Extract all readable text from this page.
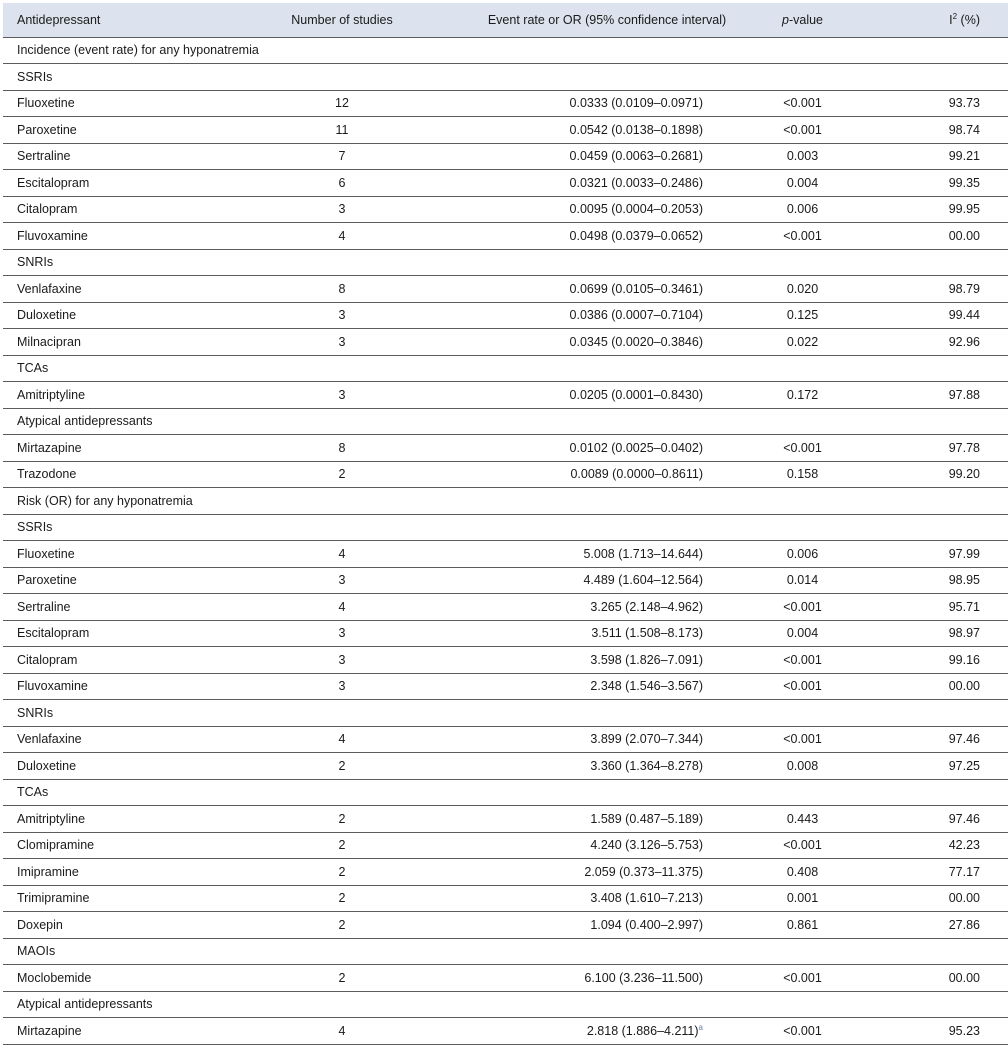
Antidepressant	Number of studies	Event rate or OR (95% confidence interval)	p-value	$I^2$ (%)
Incidence (event rate) for any hyponatremia				
SSRIs				
Fluoxetine	12	0.0333 (0.0109–0.0971)	<0.001	93.73
Paroxetine	11	0.0542 (0.0138–0.1898)	<0.001	98.74
Sertraline	7	0.0459 (0.0063–0.2681)	0.003	99.21
Escitalopram	6	0.0321 (0.0033–0.2486)	0.004	99.35
Citalopram	3	0.0095 (0.0004–0.2053)	0.006	99.95
Fluvoxamine	4	0.0498 (0.0379–0.0652)	<0.001	00.00
SNRIs				
Venlafaxine	8	0.0699 (0.0105–0.3461)	0.020	98.79
Duloxetine	3	0.0386 (0.0007–0.7104)	0.125	99.44
Milnacipran	3	0.0345 (0.0020–0.3846)	0.022	92.96
TCAs				
Amitriptyline	3	0.0205 (0.0001–0.8430)	0.172	97.88
Atypical antidepressants				
Mirtazapine	8	0.0102 (0.0025–0.0402)	<0.001	97.78
Trazodone	2	0.0089 (0.0000–0.8611)	0.158	99.20
Risk (OR) for any hyponatremia				
SSRIs				
Fluoxetine	4	5.008 (1.713–14.644)	0.006	97.99
Paroxetine	3	4.489 (1.604–12.564)	0.014	98.95
Sertraline	4	3.265 (2.148–4.962)	<0.001	95.71
Escitalopram	3	3.511 (1.508–8.173)	0.004	98.97
Citalopram	3	3.598 (1.826–7.091)	<0.001	99.16
Fluvoxamine	3	2.348 (1.546–3.567)	<0.001	00.00
SNRIs				
Venlafaxine	4	3.899 (2.070–7.344)	<0.001	97.46
Duloxetine	2	3.360 (1.364–8.278)	0.008	97.25
TCAs				
Amitriptyline	2	1.589 (0.487–5.189)	0.443	97.46
Clomipramine	2	4.240 (3.126–5.753)	<0.001	42.23
Imipramine	2	2.059 (0.373–11.375)	0.408	77.17
Trimipramine	2	3.408 (1.610–7.213)	0.001	00.00
Doxepin	2	1.094 (0.400–2.997)	0.861	27.86
MAOIs				
Moclobemide	2	6.100 (3.236–11.500)	<0.001	00.00
Atypical antidepressants				
Mirtazapine	4	2.818 (1.886–4.211)$^a$	<0.001	95.23
